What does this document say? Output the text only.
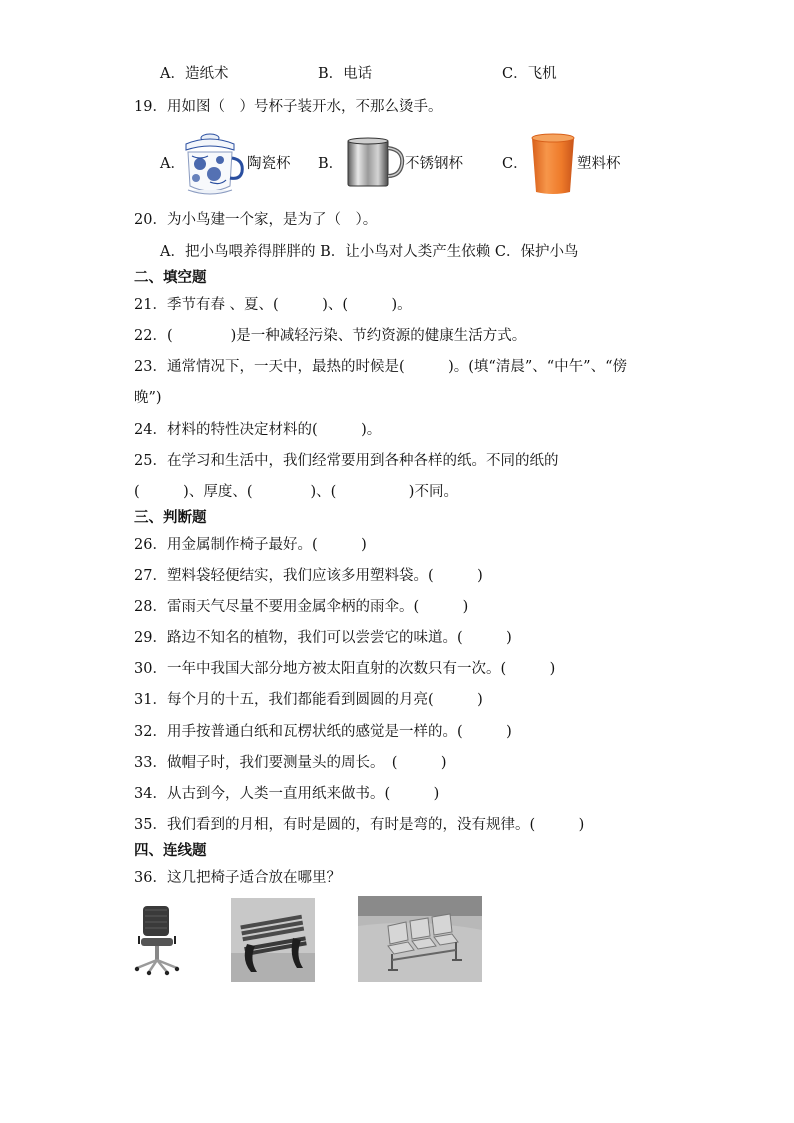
A．造纸术	B．电话	C．飞机
19．用如图（　）号杯子装开水，不那么烫手。
A．	陶瓷杯 B．	不锈钢杯	C．	塑料杯
20．为小鸟建一个家，是为了（　）。
A．把小鸟喂养得胖胖的 B．让小鸟对人类产生依赖 C．保护小鸟
二、填空题
21．季节有春 、夏、(　　　)、(　　　)。
22．(　　　　)是一种减轻污染、节约资源的健康生活方式。
23．通常情况下，一天中，最热的时候是(　　　)。(填“清晨”、“中午”、“傍
晚”)
24．材料的特性决定材料的(　　　)。
25．在学习和生活中，我们经常要用到各种各样的纸。不同的纸的
(　　　)、厚度、(　　　　)、(　　　　　)不同。
三、判断题
26．用金属制作椅子最好。(　　　)
27．塑料袋轻便结实，我们应该多用塑料袋。(　　　)
28．雷雨天气尽量不要用金属伞柄的雨伞。(　　　)
29．路边不知名的植物，我们可以尝尝它的味道。(　　　)
30．一年中我国大部分地方被太阳直射的次数只有一次。(　　　)
31．每个月的十五，我们都能看到圆圆的月亮(　　　)
32．用手按普通白纸和瓦楞状纸的感觉是一样的。(　　　)
33．做帽子时，我们要测量头的周长。　(　　　)
34．从古到今，人类一直用纸来做书。(　　　)
35．我们看到的月相，有时是圆的，有时是弯的，没有规律。(　　　)
四、连线题
36．这几把椅子适合放在哪里？
